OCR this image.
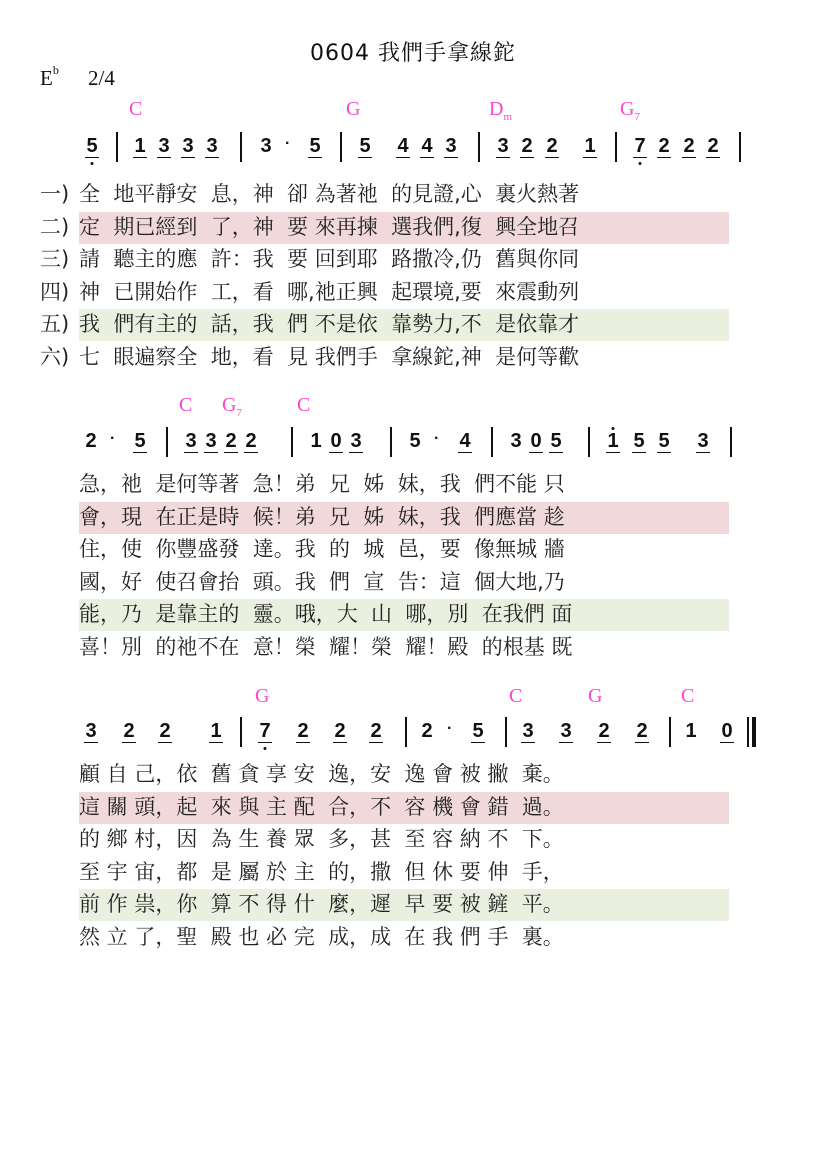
0604 我們手拿線鉈
$E^b$ 2/4
C	G	$D_m$	$G_7$
5 1 3 3 3 3 · 5 5 4 4 3 3 2 2 1 7 2 2 2
一) 全  地平靜安  息，神  卻 為著祂  的見證,心  裏火熱著
二) 定  期已經到  了，神  要 來再揀  選我們,復  興全地召
三) 請  聽主的應  許：我  要 回到耶  路撒冷,仍  舊與你同
四) 神  已開始作  工，看  哪,祂正興  起環境,要  來震動列
五) 我  們有主的  話，我  們 不是依  靠勢力,不  是依靠才
六) 七  眼遍察全  地，看  見 我們手  拿線鉈,神  是何等歡
C $G_7$	C
2 · 5 3 3 2 2	1 0 3 5 · 4 3 0 5 1 5 5 3
急，祂  是何等著  急！弟  兄  姊  妹，我  們不能 只
會，現  在正是時  候！弟  兄  姊  妹，我  們應當 趁
住，使  你豐盛發  達。我  的  城  邑，要  像無城 牆
國，好  使召會抬  頭。我  們  宣  告：這  個大地,乃
能，乃  是靠主的  靈。哦，大  山  哪，別  在我們 面
喜！別  的祂不在  意！榮  耀！榮  耀！殿  的根基 既
G	C	G	C
3 2 2 1 7 2 2 2 2 · 5 3 3 2 2 1 0
顧 自 己，依  舊 貪 享 安  逸，安  逸 會 被 撇  棄。
這 關 頭，起  來 與 主 配  合，不  容 機 會 錯  過。
的 鄉 村，因  為 生 養 眾  多，甚  至 容 納 不  下。
至 宇 宙，都  是 屬 於 主  的，撒  但 休 要 伸  手，
前 作 祟，你  算 不 得 什  麼，遲  早 要 被 鏟  平。
然 立 了，聖  殿 也 必 完  成，成  在 我 們 手  裏。
